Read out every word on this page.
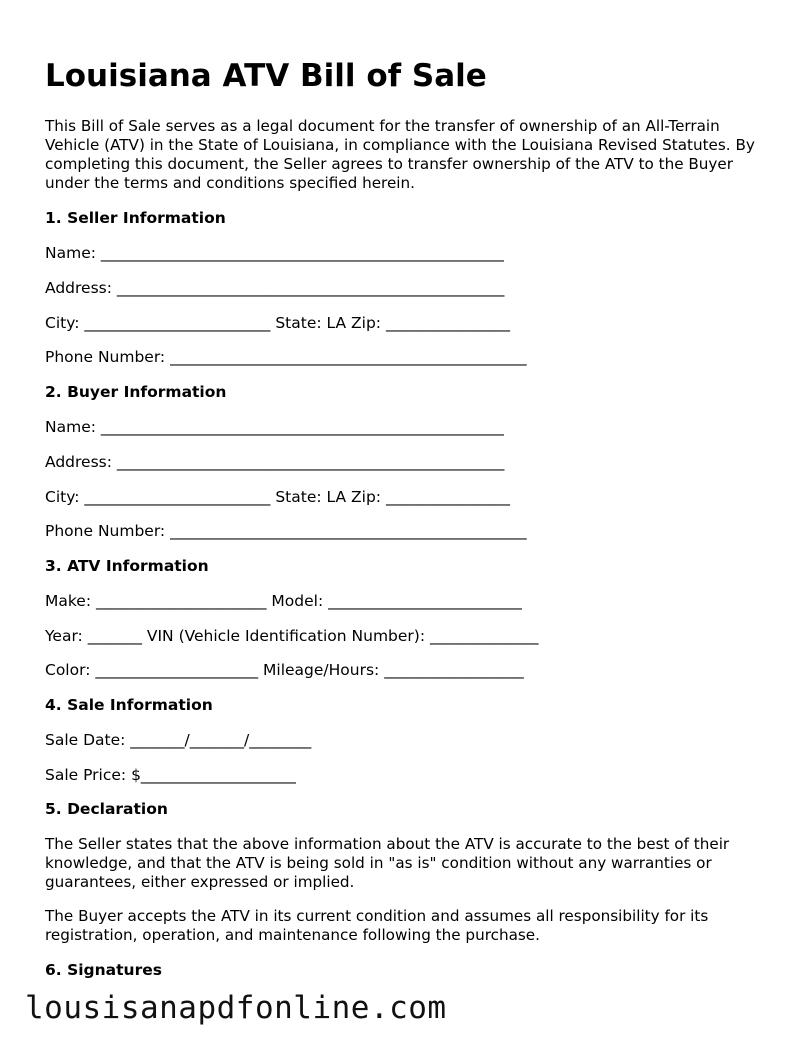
Louisiana ATV Bill of Sale

This Bill of Sale serves as a legal document for the transfer of ownership of an All-Terrain Vehicle (ATV) in the State of Louisiana, in compliance with the Louisiana Revised Statutes. By completing this document, the Seller agrees to transfer ownership of the ATV to the Buyer under the terms and conditions specified herein.

1. Seller Information
Name: ____________________________________________________
Address: __________________________________________________
City: ________________________ State: LA Zip: ________________
Phone Number: ______________________________________________
2. Buyer Information
Name: ____________________________________________________
Address: __________________________________________________
City: ________________________ State: LA Zip: ________________
Phone Number: ______________________________________________
3. ATV Information
Make: ______________________ Model: _________________________
Year: _______ VIN (Vehicle Identification Number): ______________
Color: _____________________ Mileage/Hours: __________________
4. Sale Information
Sale Date: _______/_______/________
Sale Price: $____________________
5. Declaration

The Seller states that the above information about the ATV is accurate to the best of their knowledge, and that the ATV is being sold in "as is" condition without any warranties or guarantees, either expressed or implied.

The Buyer accepts the ATV in its current condition and assumes all responsibility for its registration, operation, and maintenance following the purchase.

6. Signatures
lousisanapdfonline.com
